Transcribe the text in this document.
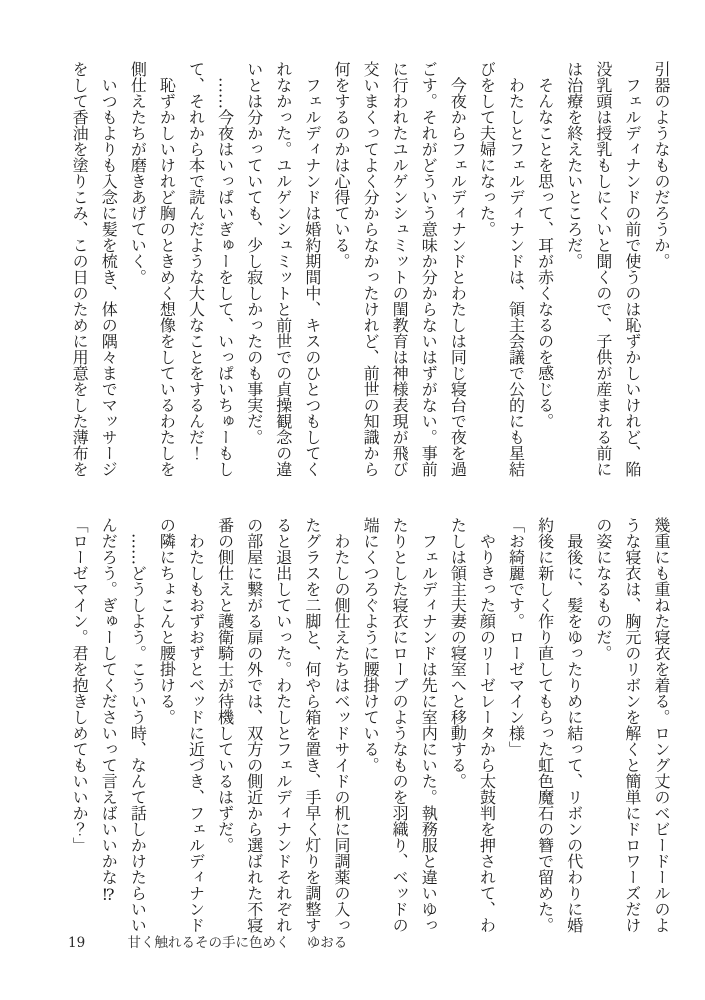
引器のようなものだろうか。
　フェルディナンドの前で使うのは恥ずかしいけれど、陥
没乳頭は授乳もしにくいと聞くので、子供が産まれる前に
は治療を終えたいところだ。
　そんなことを思って、耳が赤くなるのを感じる。
　わたしとフェルディナンドは、領主会議で公的にも星結
びをして夫婦になった。
　今夜からフェルディナンドとわたしは同じ寝台で夜を過
ごす。それがどういう意味か分からないはずがない。事前
に行われたユルゲンシュミットの閨教育は神様表現が飛び
交いまくってよく分からなかったけれど、前世の知識から
何をするのかは心得ている。
　フェルディナンドは婚約期間中、キスのひとつもしてく
れなかった。ユルゲンシュミットと前世での貞操観念の違
いとは分かっていても、少し寂しかったのも事実だ。
　……今夜はいっぱいぎゅーをして、いっぱいちゅーもし
て、それから本で読んだような大人なことをするんだ！
　恥ずかしいけれど胸のときめく想像をしているわたしを
側仕えたちが磨きあげていく。
　いつもよりも入念に髪を梳き、体の隅々までマッサージ
をして香油を塗りこみ、この日のために用意をした薄布を
幾重にも重ねた寝衣を着る。ロング丈のベビードールのよ
うな寝衣は、胸元のリボンを解くと簡単にドロワーズだけ
の姿になるものだ。
　最後に、髪をゆったりめに結って、リボンの代わりに婚
約後に新しく作り直してもらった虹色魔石の簪で留めた。
「お綺麗です。ローゼマイン様」
　やりきった顔のリーゼレータから太鼓判を押されて、わ
たしは領主夫妻の寝室へと移動する。
　フェルディナンドは先に室内にいた。執務服と違いゆっ
たりとした寝衣にローブのようなものを羽織り、ベッドの
端にくつろぐように腰掛けている。
　わたしの側仕えたちはベッドサイドの机に同調薬の入っ
たグラスを二脚と、何やら箱を置き、手早く灯りを調整す
ると退出していった。わたしとフェルディナンドそれぞれ
の部屋に繋がる扉の外では、双方の側近から選ばれた不寝
番の側仕えと護衛騎士が待機しているはずだ。
　わたしもおずおずとベッドに近づき、フェルディナンド
の隣にちょこんと腰掛ける。
　……どうしよう。こういう時、なんて話しかけたらいい
んだろう。ぎゅーしてくださいって言えばいいかな⁉
「ローゼマイン。君を抱きしめてもいいか？」
19	甘く触れるその手に色めく ゆおる
